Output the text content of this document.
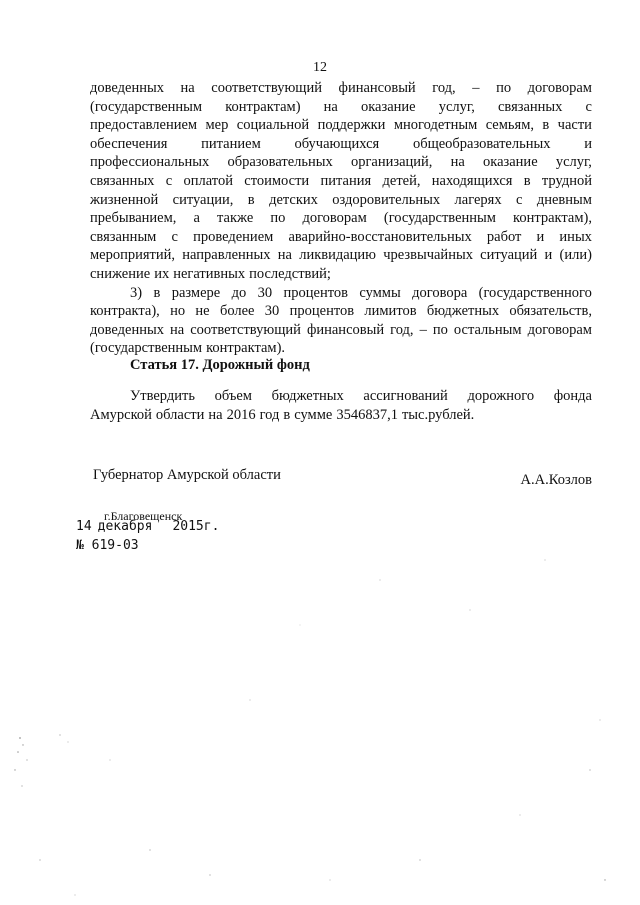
12
доведенных на соответствующий финансовый год, – по договорам
(государственным контрактам) на оказание услуг, связанных с
предоставлением мер социальной поддержки многодетным семьям, в части
обеспечения питанием обучающихся общеобразовательных и
профессиональных образовательных организаций, на оказание услуг,
связанных с оплатой стоимости питания детей, находящихся в трудной
жизненной ситуации, в детских оздоровительных лагерях с дневным
пребыванием, а также по договорам (государственным контрактам),
связанным с проведением аварийно-восстановительных работ и иных
мероприятий, направленных на ликвидацию чрезвычайных ситуаций и (или)
снижение их негативных последствий;
3) в размере до 30 процентов суммы договора (государственного
контракта), но не более 30 процентов лимитов бюджетных обязательств,
доведенных на соответствующий финансовый год, – по остальным договорам
(государственным контрактам).
Статья 17. Дорожный фонд
Утвердить объем бюджетных ассигнований дорожного фонда
Амурской области на 2016 год в сумме 3546837,1 тыс.рублей.
Губернатор Амурской области	А.А.Козлов
г.Благовещенск
14 декабря 2015г.
№ 619-03
